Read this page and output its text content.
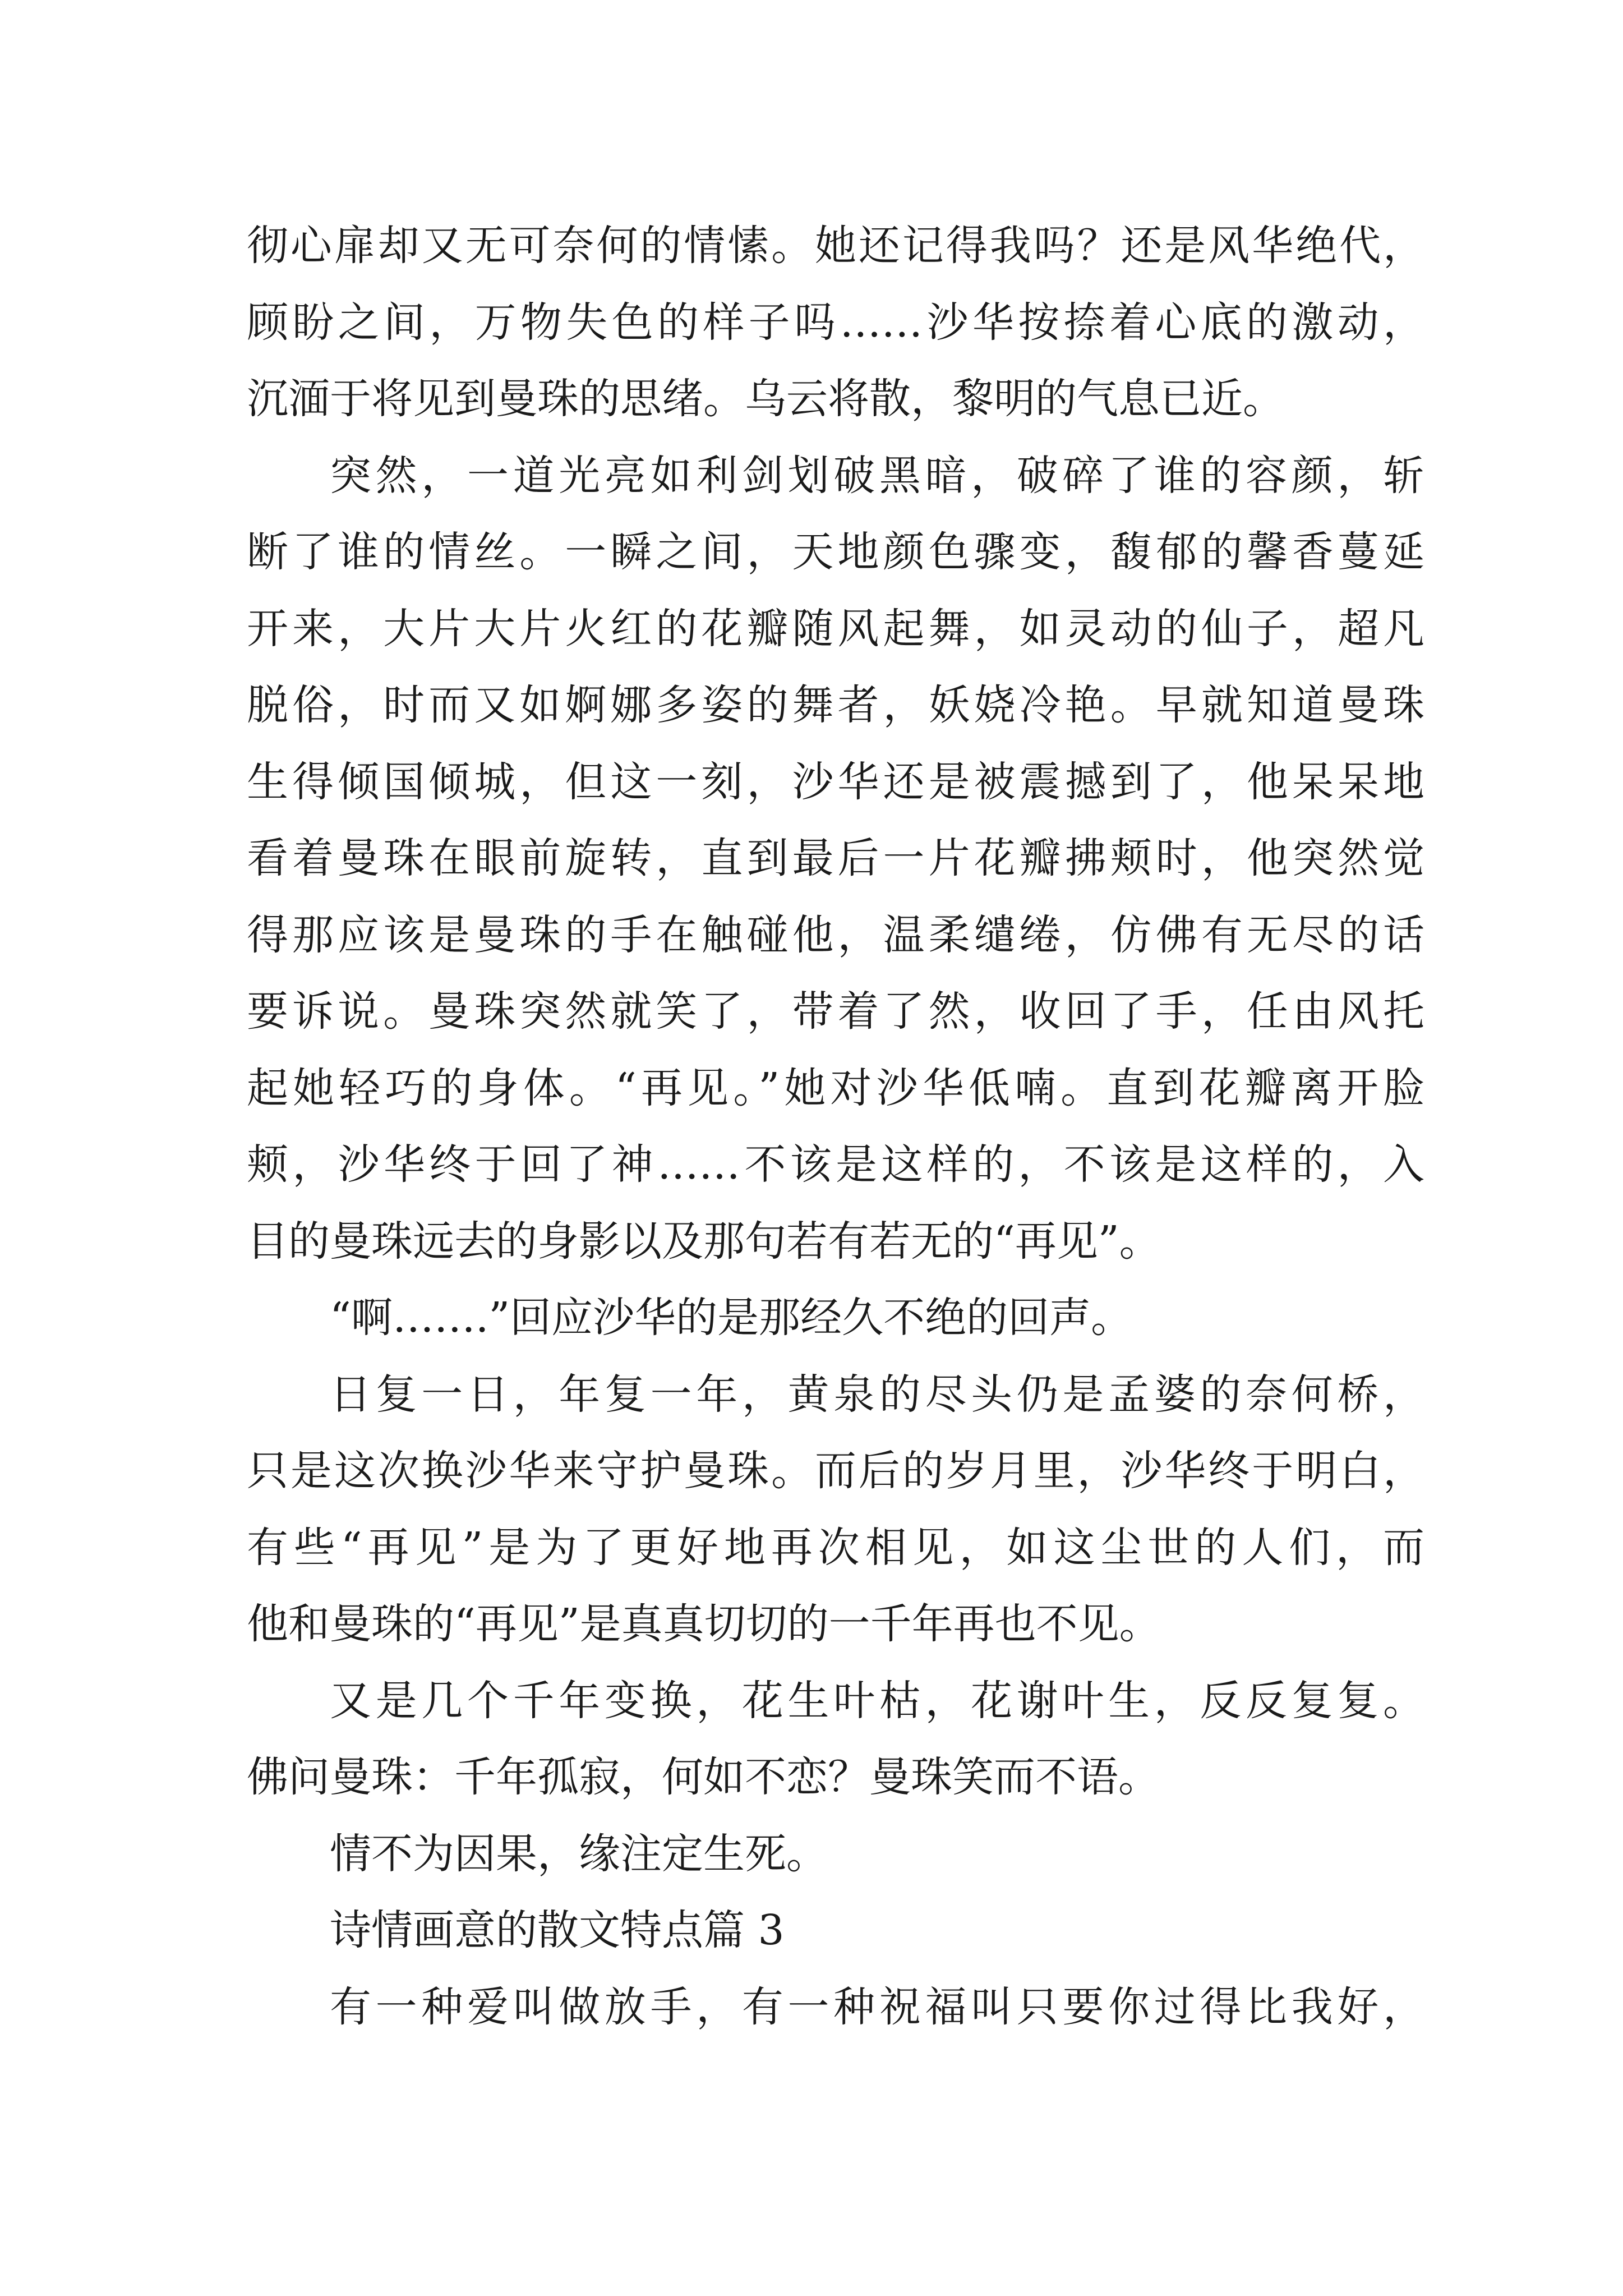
彻心扉却又无可奈何的情愫。她还记得我吗？还是风华绝代，
顾盼之间，万物失色的样子吗……沙华按捺着心底的激动，
沉湎于将见到曼珠的思绪。乌云将散，黎明的气息已近。
突然，一道光亮如利剑划破黑暗，破碎了谁的容颜，斩
断了谁的情丝。一瞬之间，天地颜色骤变，馥郁的馨香蔓延
开来，大片大片火红的花瓣随风起舞，如灵动的仙子，超凡
脱俗，时而又如婀娜多姿的舞者，妖娆冷艳。早就知道曼珠
生得倾国倾城，但这一刻，沙华还是被震撼到了，他呆呆地
看着曼珠在眼前旋转，直到最后一片花瓣拂颊时，他突然觉
得那应该是曼珠的手在触碰他，温柔缱绻，仿佛有无尽的话
要诉说。曼珠突然就笑了，带着了然，收回了手，任由风托
起她轻巧的身体。“再见。”她对沙华低喃。直到花瓣离开脸
颊，沙华终于回了神……不该是这样的，不该是这样的，入
目的曼珠远去的身影以及那句若有若无的“再见”。
“啊…….”回应沙华的是那经久不绝的回声。
日复一日，年复一年，黄泉的尽头仍是孟婆的奈何桥，
只是这次换沙华来守护曼珠。而后的岁月里，沙华终于明白，
有些“再见”是为了更好地再次相见，如这尘世的人们，而
他和曼珠的“再见”是真真切切的一千年再也不见。
又是几个千年变换，花生叶枯，花谢叶生，反反复复。
佛问曼珠：千年孤寂，何如不恋？曼珠笑而不语。
情不为因果，缘注定生死。
诗情画意的散文特点篇 3
有一种爱叫做放手，有一种祝福叫只要你过得比我好，
